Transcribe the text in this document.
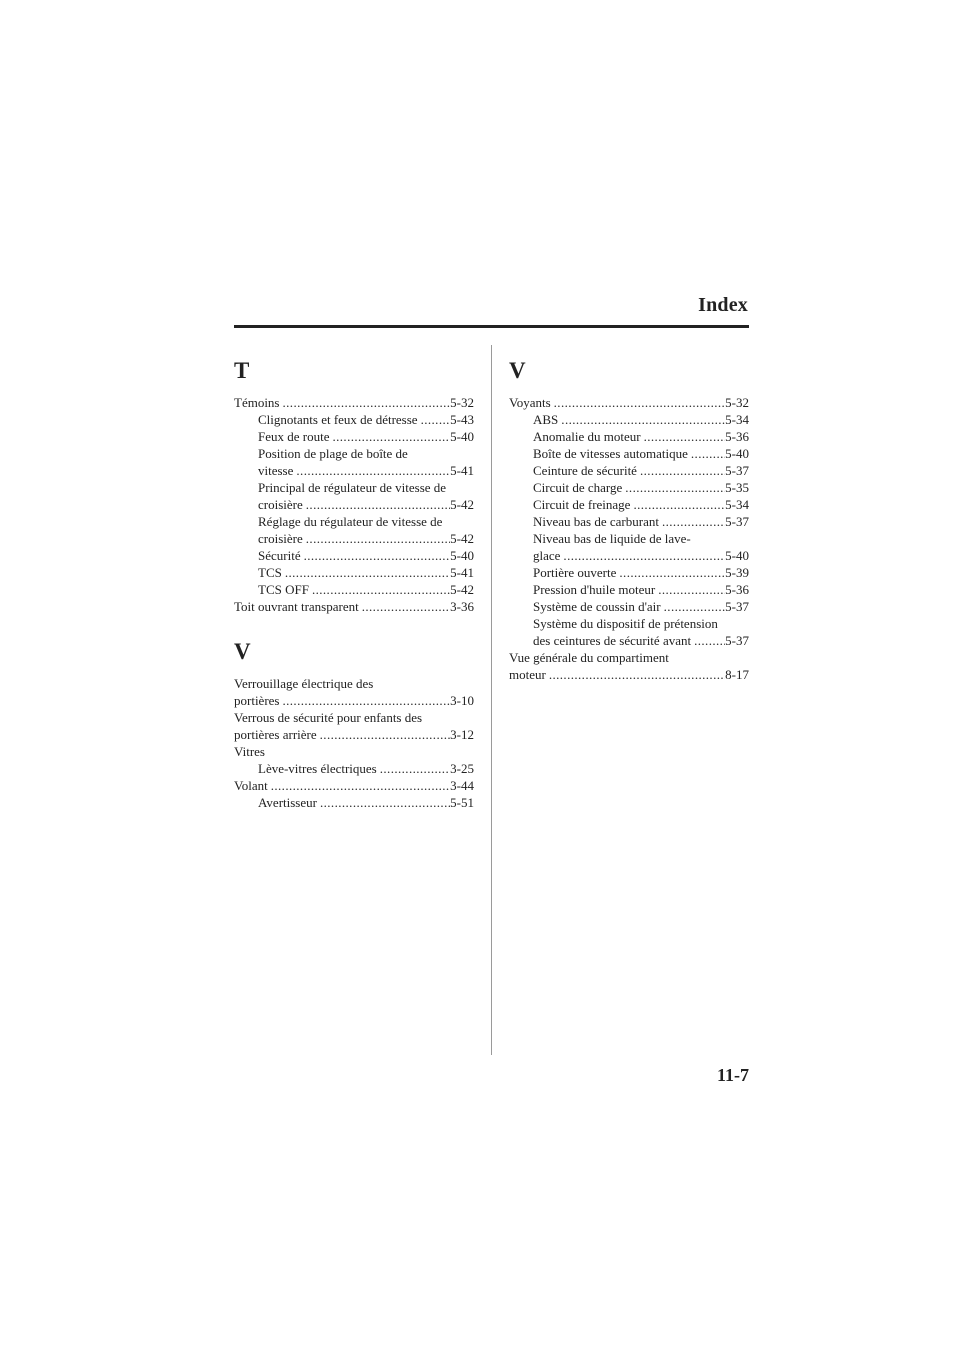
Index
T
Témoins .....	5-32
Clignotants et feux de détresse .....	5-43
Feux de route .....	5-40
Position de plage de boîte de
vitesse .....	5-41
Principal de régulateur de vitesse de
croisière .....	5-42
Réglage du régulateur de vitesse de
croisière .....	5-42
Sécurité .....	5-40
TCS .....	5-41
TCS OFF .....	5-42
Toit ouvrant transparent .....	3-36
V
Verrouillage électrique des
portières .....	3-10
Verrous de sécurité pour enfants des
portières arrière .....	3-12
Vitres
Lève-vitres électriques .....	3-25
Volant .....	3-44
Avertisseur .....	5-51
V
Voyants .....	5-32
ABS .....	5-34
Anomalie du moteur .....	5-36
Boîte de vitesses automatique .....	5-40
Ceinture de sécurité .....	5-37
Circuit de charge .....	5-35
Circuit de freinage .....	5-34
Niveau bas de carburant .....	5-37
Niveau bas de liquide de lave-
glace .....	5-40
Portière ouverte .....	5-39
Pression d'huile moteur .....	5-36
Système de coussin d'air .....	5-37
Système du dispositif de prétension
des ceintures de sécurité avant .....	5-37
Vue générale du compartiment
moteur .....	8-17
11-7
